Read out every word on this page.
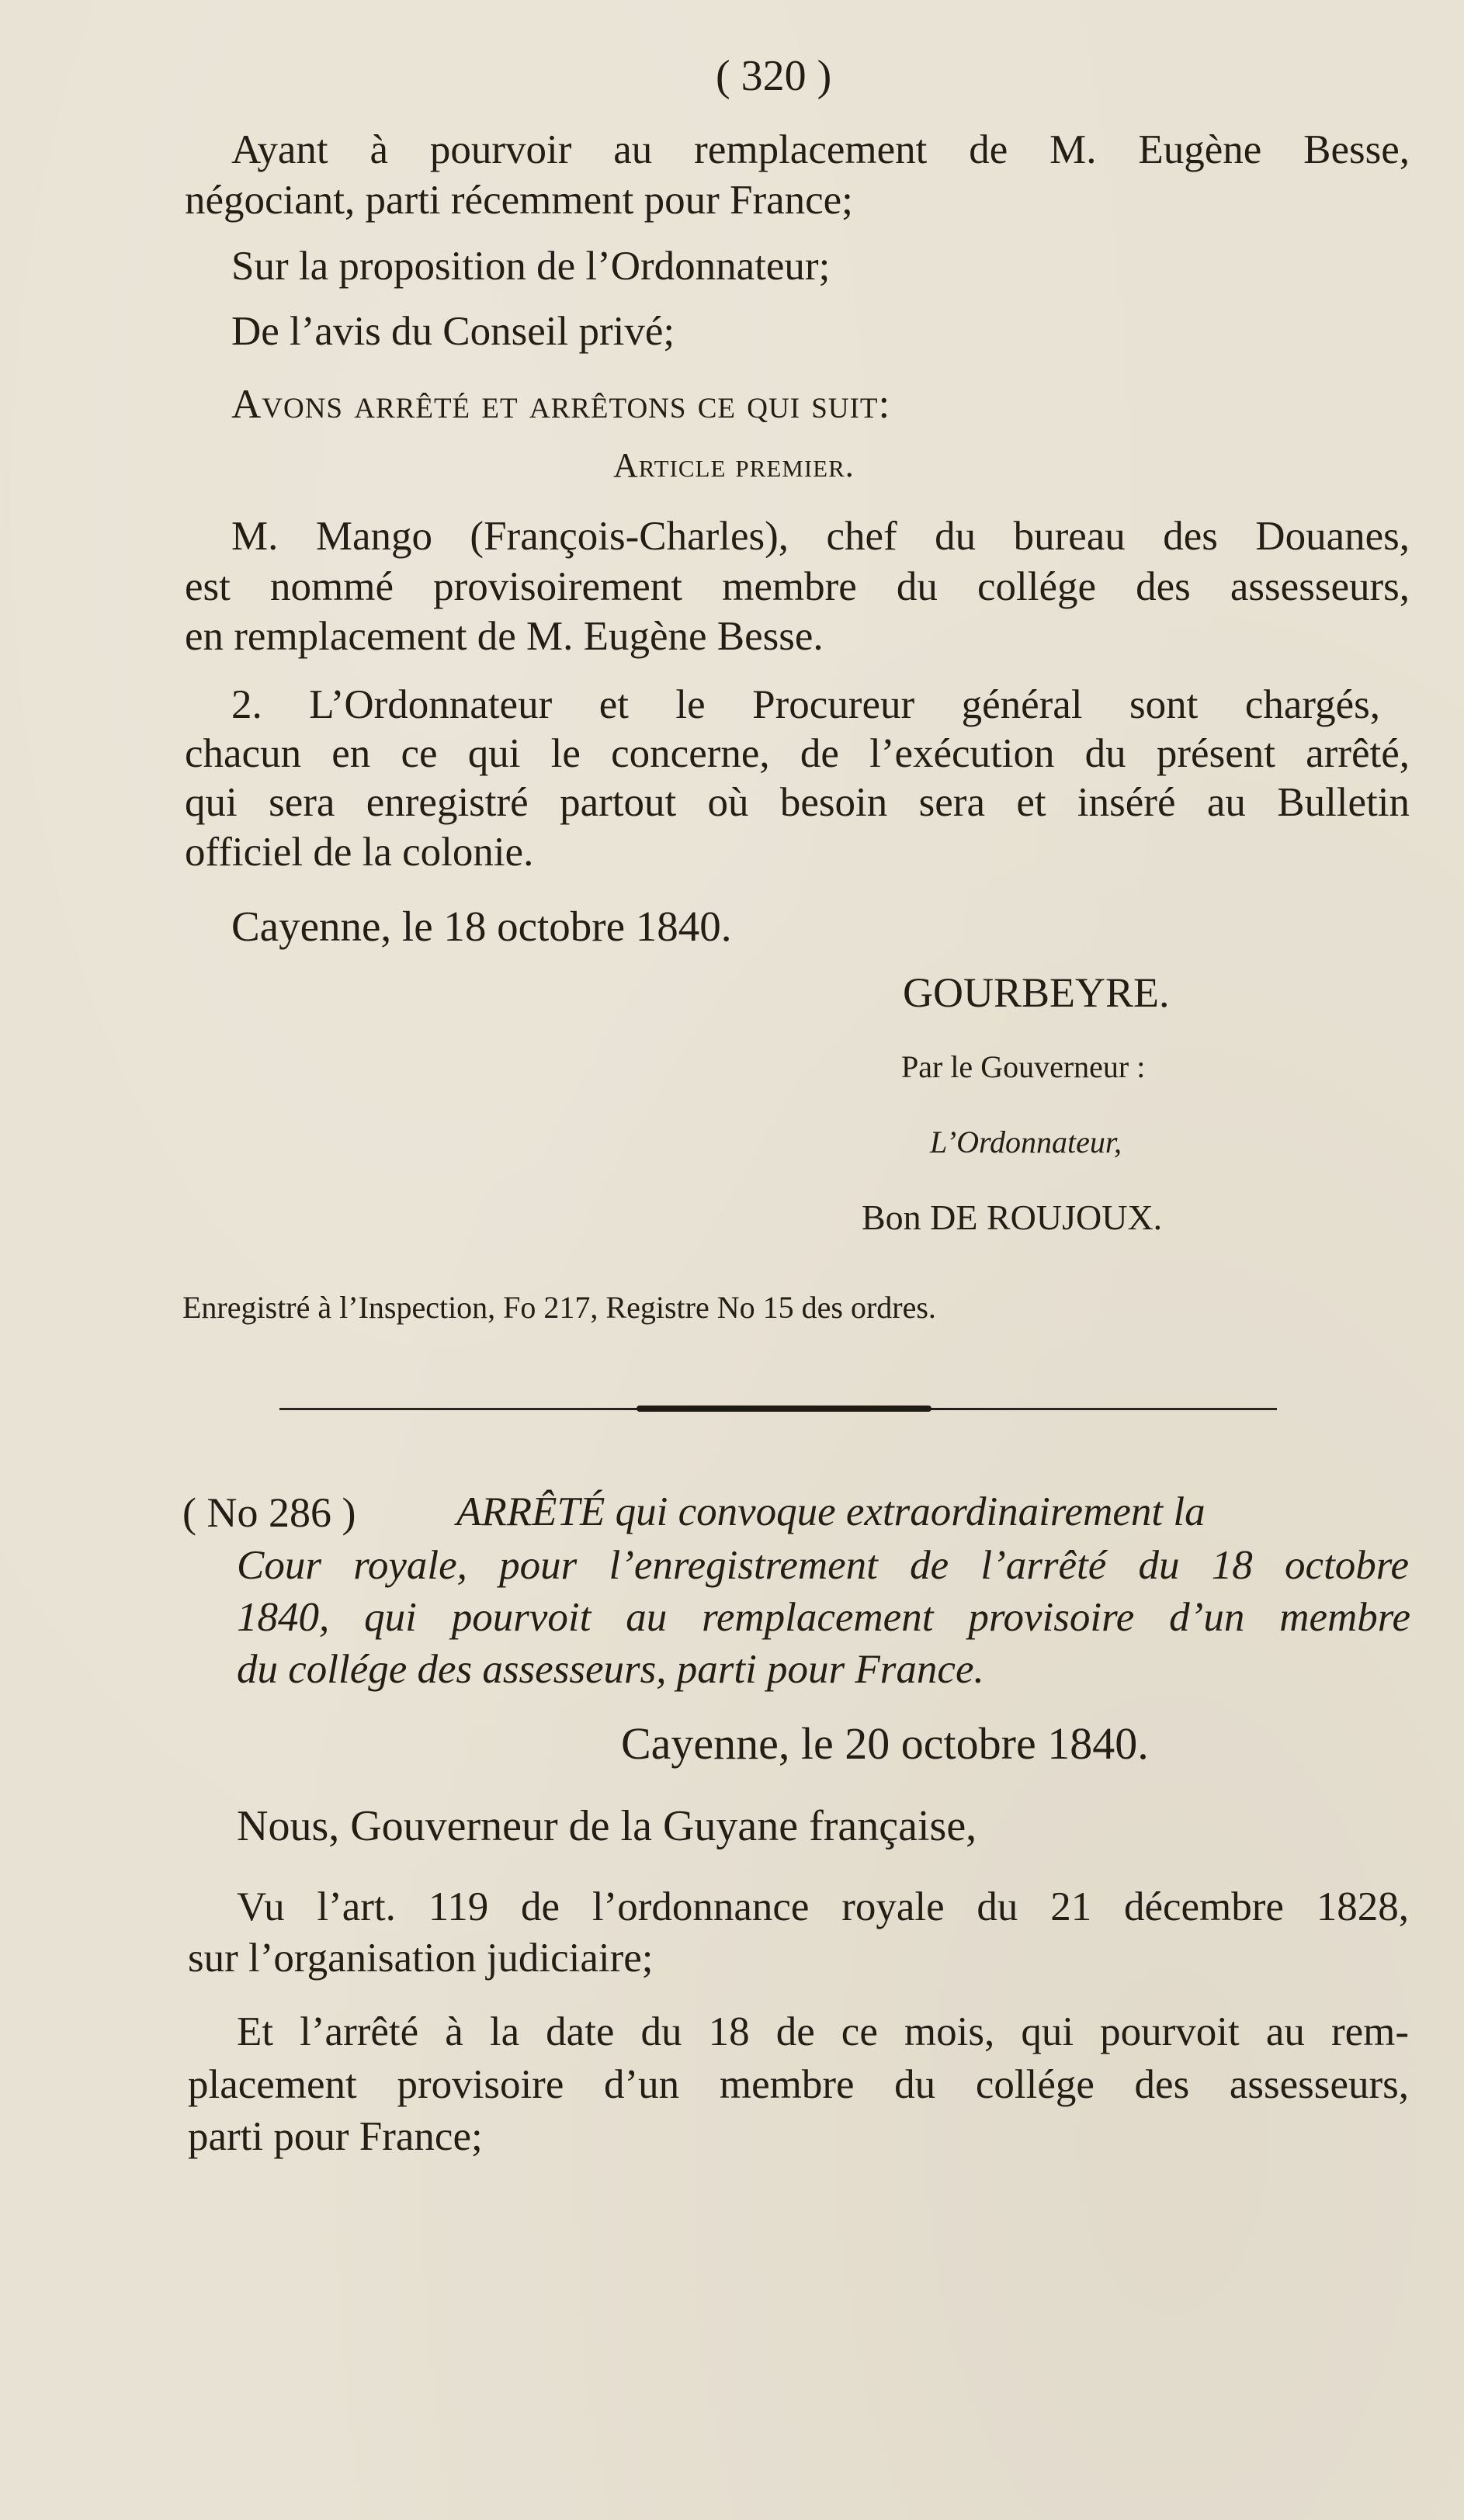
( 320 )
Ayant à pourvoir au remplacement de M. Eugène Besse,
négociant, parti récemment pour France;
Sur la proposition de l’Ordonnateur;
De l’avis du Conseil privé;
Avons arrêté et arrêtons ce qui suit:
Article premier.
M. Mango (François-Charles), chef du bureau des Douanes,
est nommé provisoirement membre du collége des assesseurs,
en remplacement de M. Eugène Besse.
2. L’Ordonnateur et le Procureur général sont chargés,
chacun en ce qui le concerne, de l’exécution du présent arrêté,
qui sera enregistré partout où besoin sera et inséré au Bulletin
officiel de la colonie.
Cayenne, le 18 octobre 1840.
GOURBEYRE.
Par le Gouverneur :
L’Ordonnateur,
Bon DE ROUJOUX.
Enregistré à l’Inspection, Fo 217, Registre No 15 des ordres.
( No 286 ) ARRÊTÉ qui convoque extraordinairement la
Cour royale, pour l’enregistrement de l’arrêté du 18 octobre
1840, qui pourvoit au remplacement provisoire d’un membre
du collége des assesseurs, parti pour France.
Cayenne, le 20 octobre 1840.
Nous, Gouverneur de la Guyane française,
Vu l’art. 119 de l’ordonnance royale du 21 décembre 1828,
sur l’organisation judiciaire;
Et l’arrêté à la date du 18 de ce mois, qui pourvoit au rem-
placement provisoire d’un membre du collége des assesseurs,
parti pour France;
